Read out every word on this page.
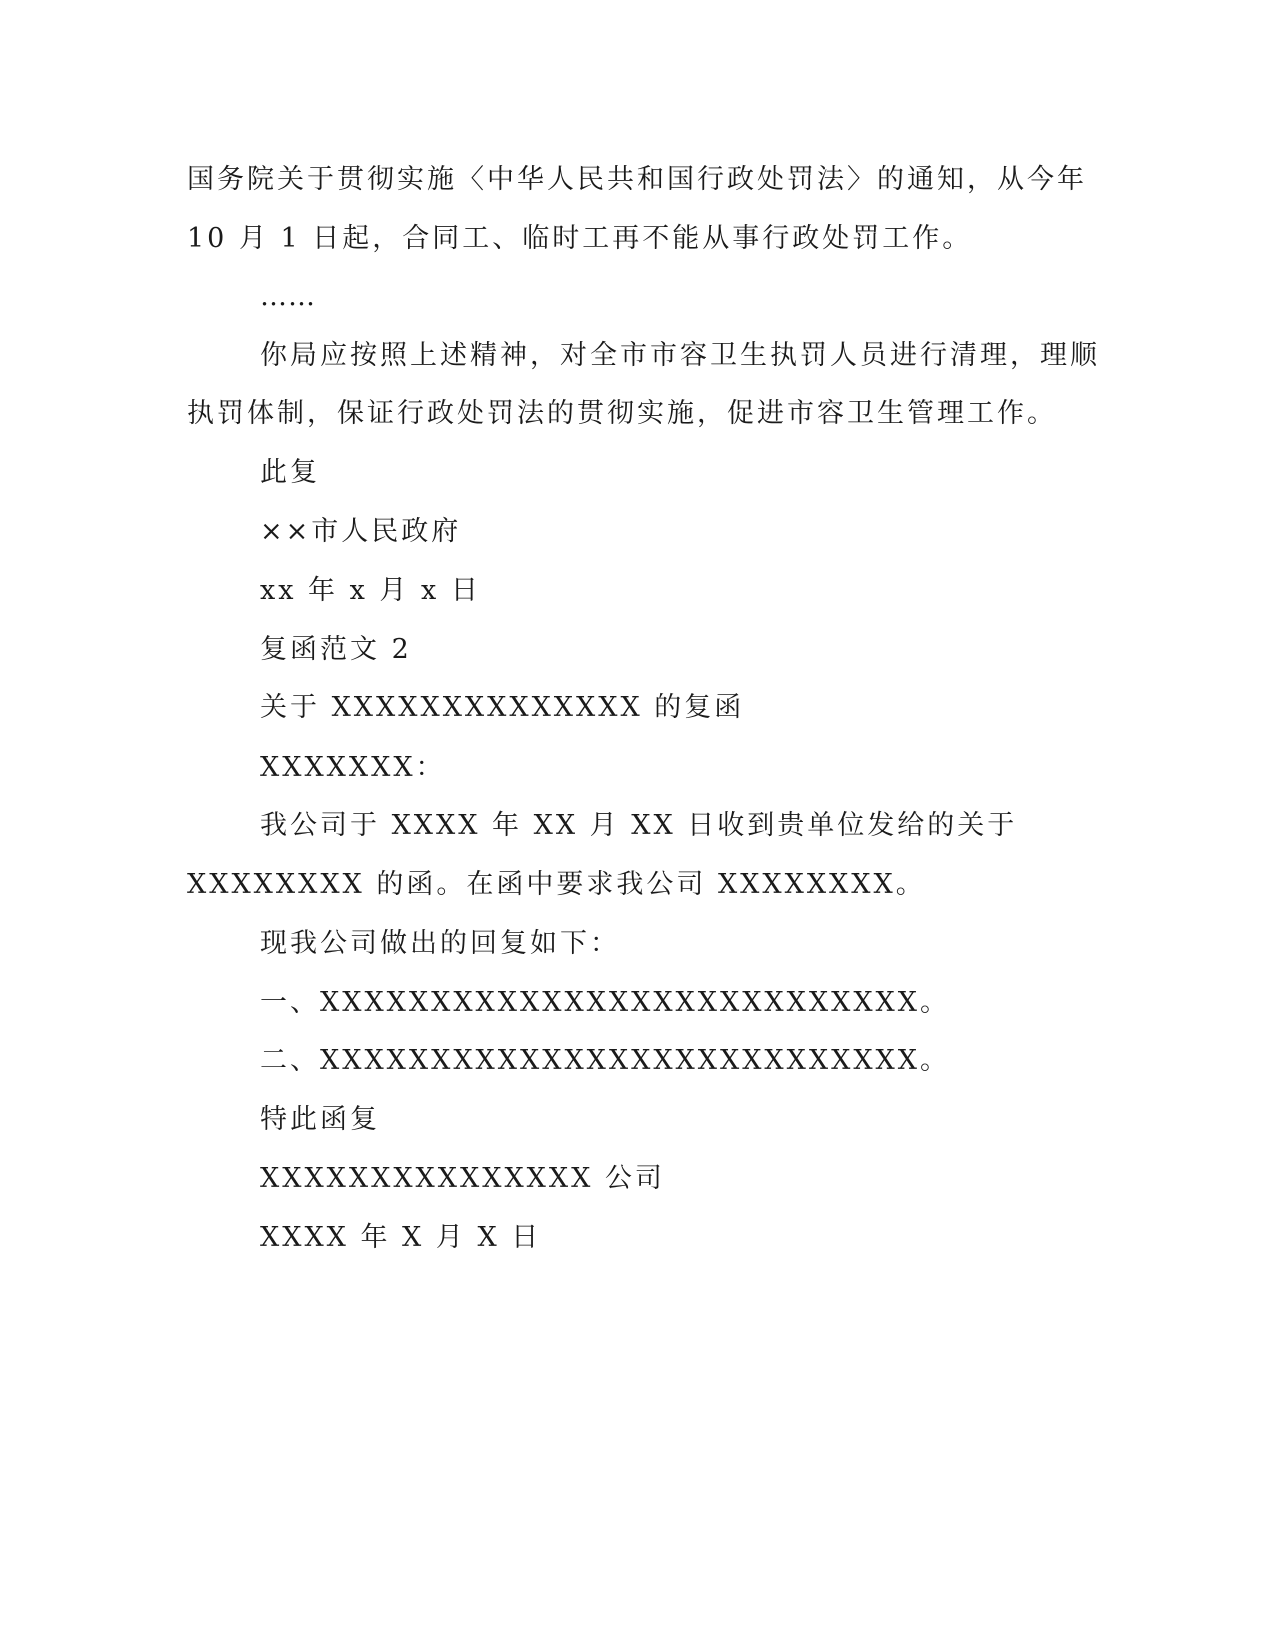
国务院关于贯彻实施〈中华人民共和国行政处罚法〉的通知，从今年
10 月 1 日起，合同工、临时工再不能从事行政处罚工作。
……
你局应按照上述精神，对全市市容卫生执罚人员进行清理，理顺
执罚体制，保证行政处罚法的贯彻实施，促进市容卫生管理工作。
此复
××市人民政府
xx 年 x 月 x 日
复函范文 2
关于 XXXXXXXXXXXXXX 的复函
XXXXXXX：
我公司于 XXXX 年 XX 月 XX 日收到贵单位发给的关于
XXXXXXXX 的函。在函中要求我公司 XXXXXXXX。
现我公司做出的回复如下：
一、XXXXXXXXXXXXXXXXXXXXXXXXXXX。
二、XXXXXXXXXXXXXXXXXXXXXXXXXXX。
特此函复
XXXXXXXXXXXXXXX 公司
XXXX 年 X 月 X 日
